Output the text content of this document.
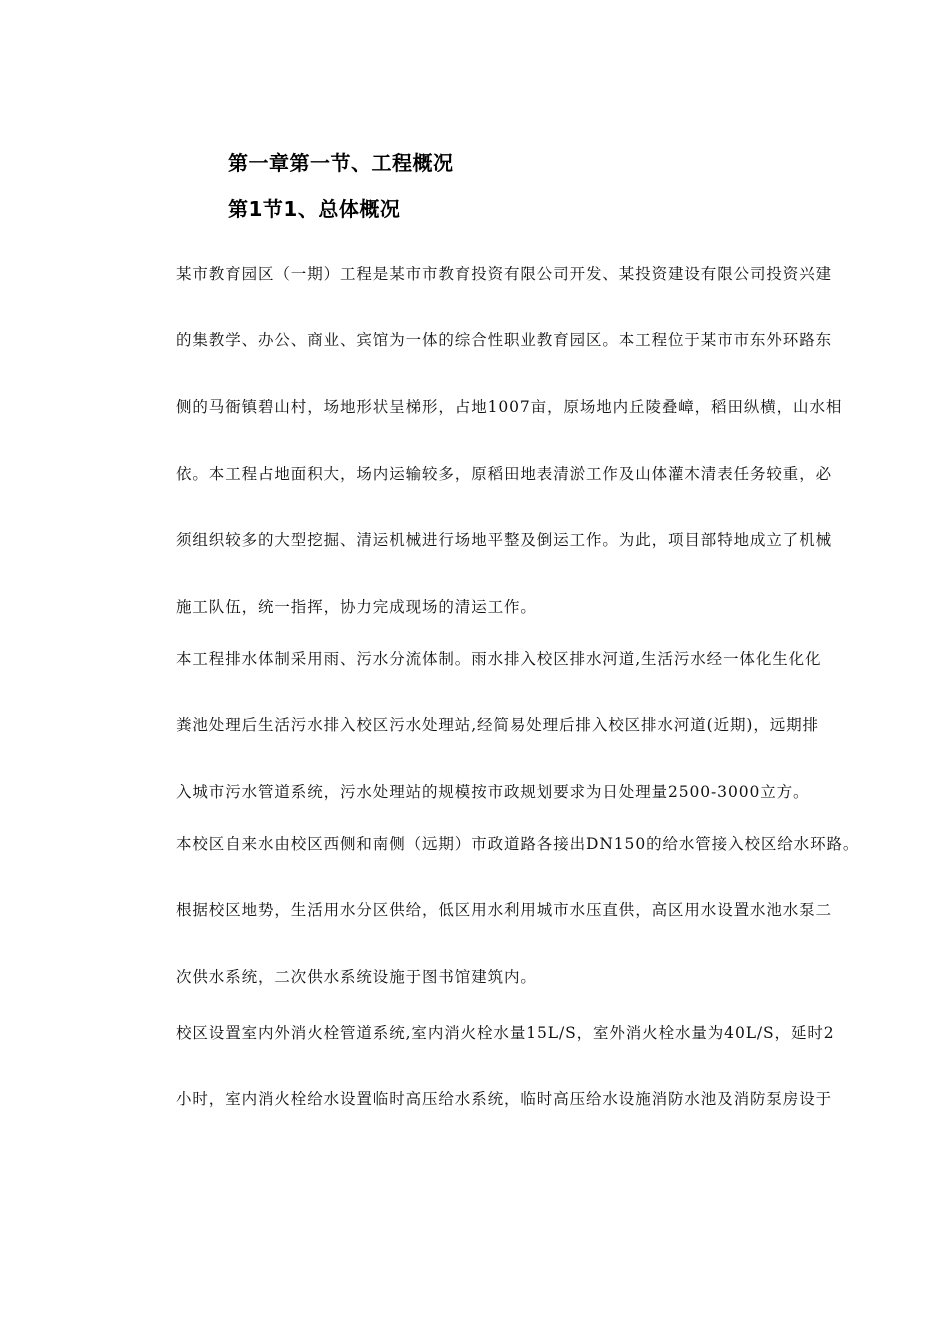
第一章第一节、工程概况
第1节1、总体概况
某市教育园区（一期）工程是某市市教育投资有限公司开发、某投资建设有限公司投资兴建
的集教学、办公、商业、宾馆为一体的综合性职业教育园区。本工程位于某市市东外环路东
侧的马衙镇碧山村，场地形状呈梯形，占地1007亩，原场地内丘陵叠嶂，稻田纵横，山水相
依。本工程占地面积大，场内运输较多，原稻田地表清淤工作及山体灌木清表任务较重，必
须组织较多的大型挖掘、清运机械进行场地平整及倒运工作。为此，项目部特地成立了机械
施工队伍，统一指挥，协力完成现场的清运工作。
本工程排水体制采用雨、污水分流体制。雨水排入校区排水河道,生活污水经一体化生化化
粪池处理后生活污水排入校区污水处理站,经简易处理后排入校区排水河道(近期)，远期排
入城市污水管道系统，污水处理站的规模按市政规划要求为日处理量2500-3000立方。
本校区自来水由校区西侧和南侧（远期）市政道路各接出DN150的给水管接入校区给水环路。
根据校区地势，生活用水分区供给，低区用水利用城市水压直供，高区用水设置水池水泵二
次供水系统，二次供水系统设施于图书馆建筑内。
校区设置室内外消火栓管道系统,室内消火栓水量15L/S，室外消火栓水量为40L/S，延时2
小时，室内消火栓给水设置临时高压给水系统，临时高压给水设施消防水池及消防泵房设于
